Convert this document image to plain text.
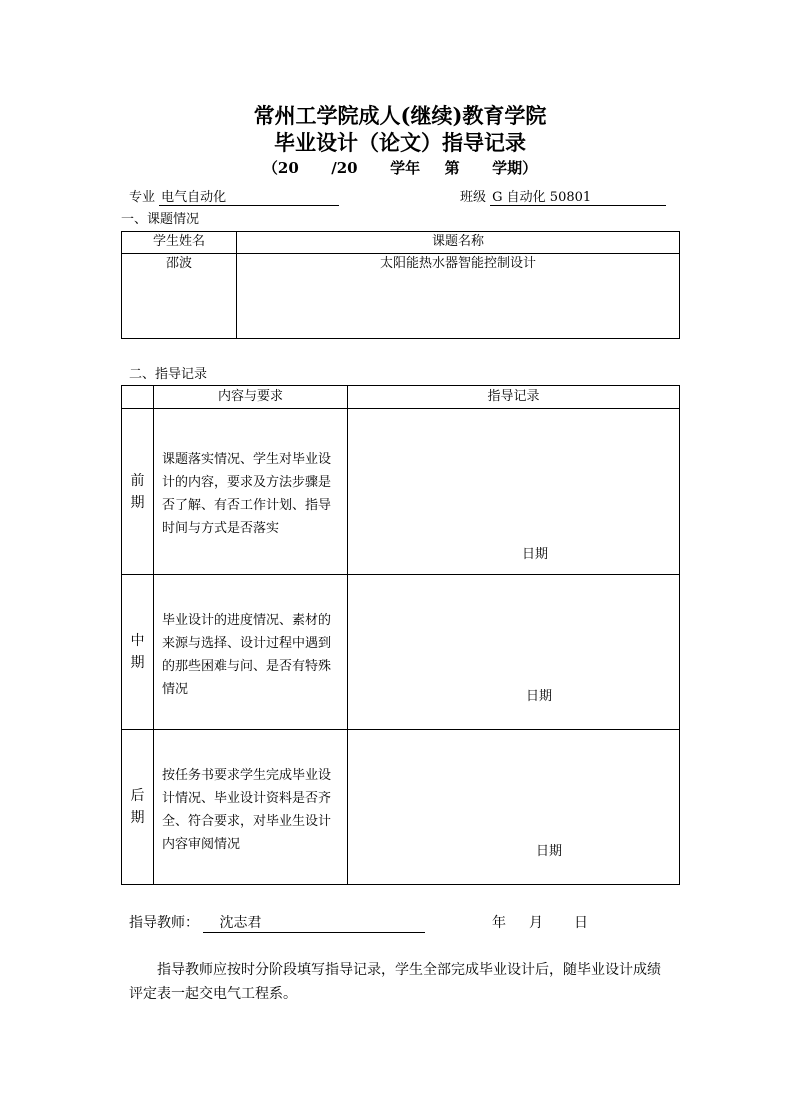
常州工学院成人(继续)教育学院
毕业设计（论文）指导记录
（20 /20 学年 第 学期）
专业 电气自动化	班级 G 自动化 50801
一、课题情况
学生姓名	课题名称
邵波	太阳能热水器智能控制设计
二、指导记录
	内容与要求	指导记录
前
期	课题落实情况、学生对毕业设计的内容，要求及方法步骤是否了解、有否工作计划、指导时间与方式是否落实	日期

中
期	毕业设计的进度情况、素材的来源与选择、设计过程中遇到的那些困难与问、是否有特殊情况	日期

后
期	按任务书要求学生完成毕业设计情况、毕业设计资料是否齐全、符合要求，对毕业生设计内容审阅情况	日期
指导教师： 沈志君	年 月 日
指导教师应按时分阶段填写指导记录，学生全部完成毕业设计后，随毕业设计成绩评定表一起交电气工程系。
